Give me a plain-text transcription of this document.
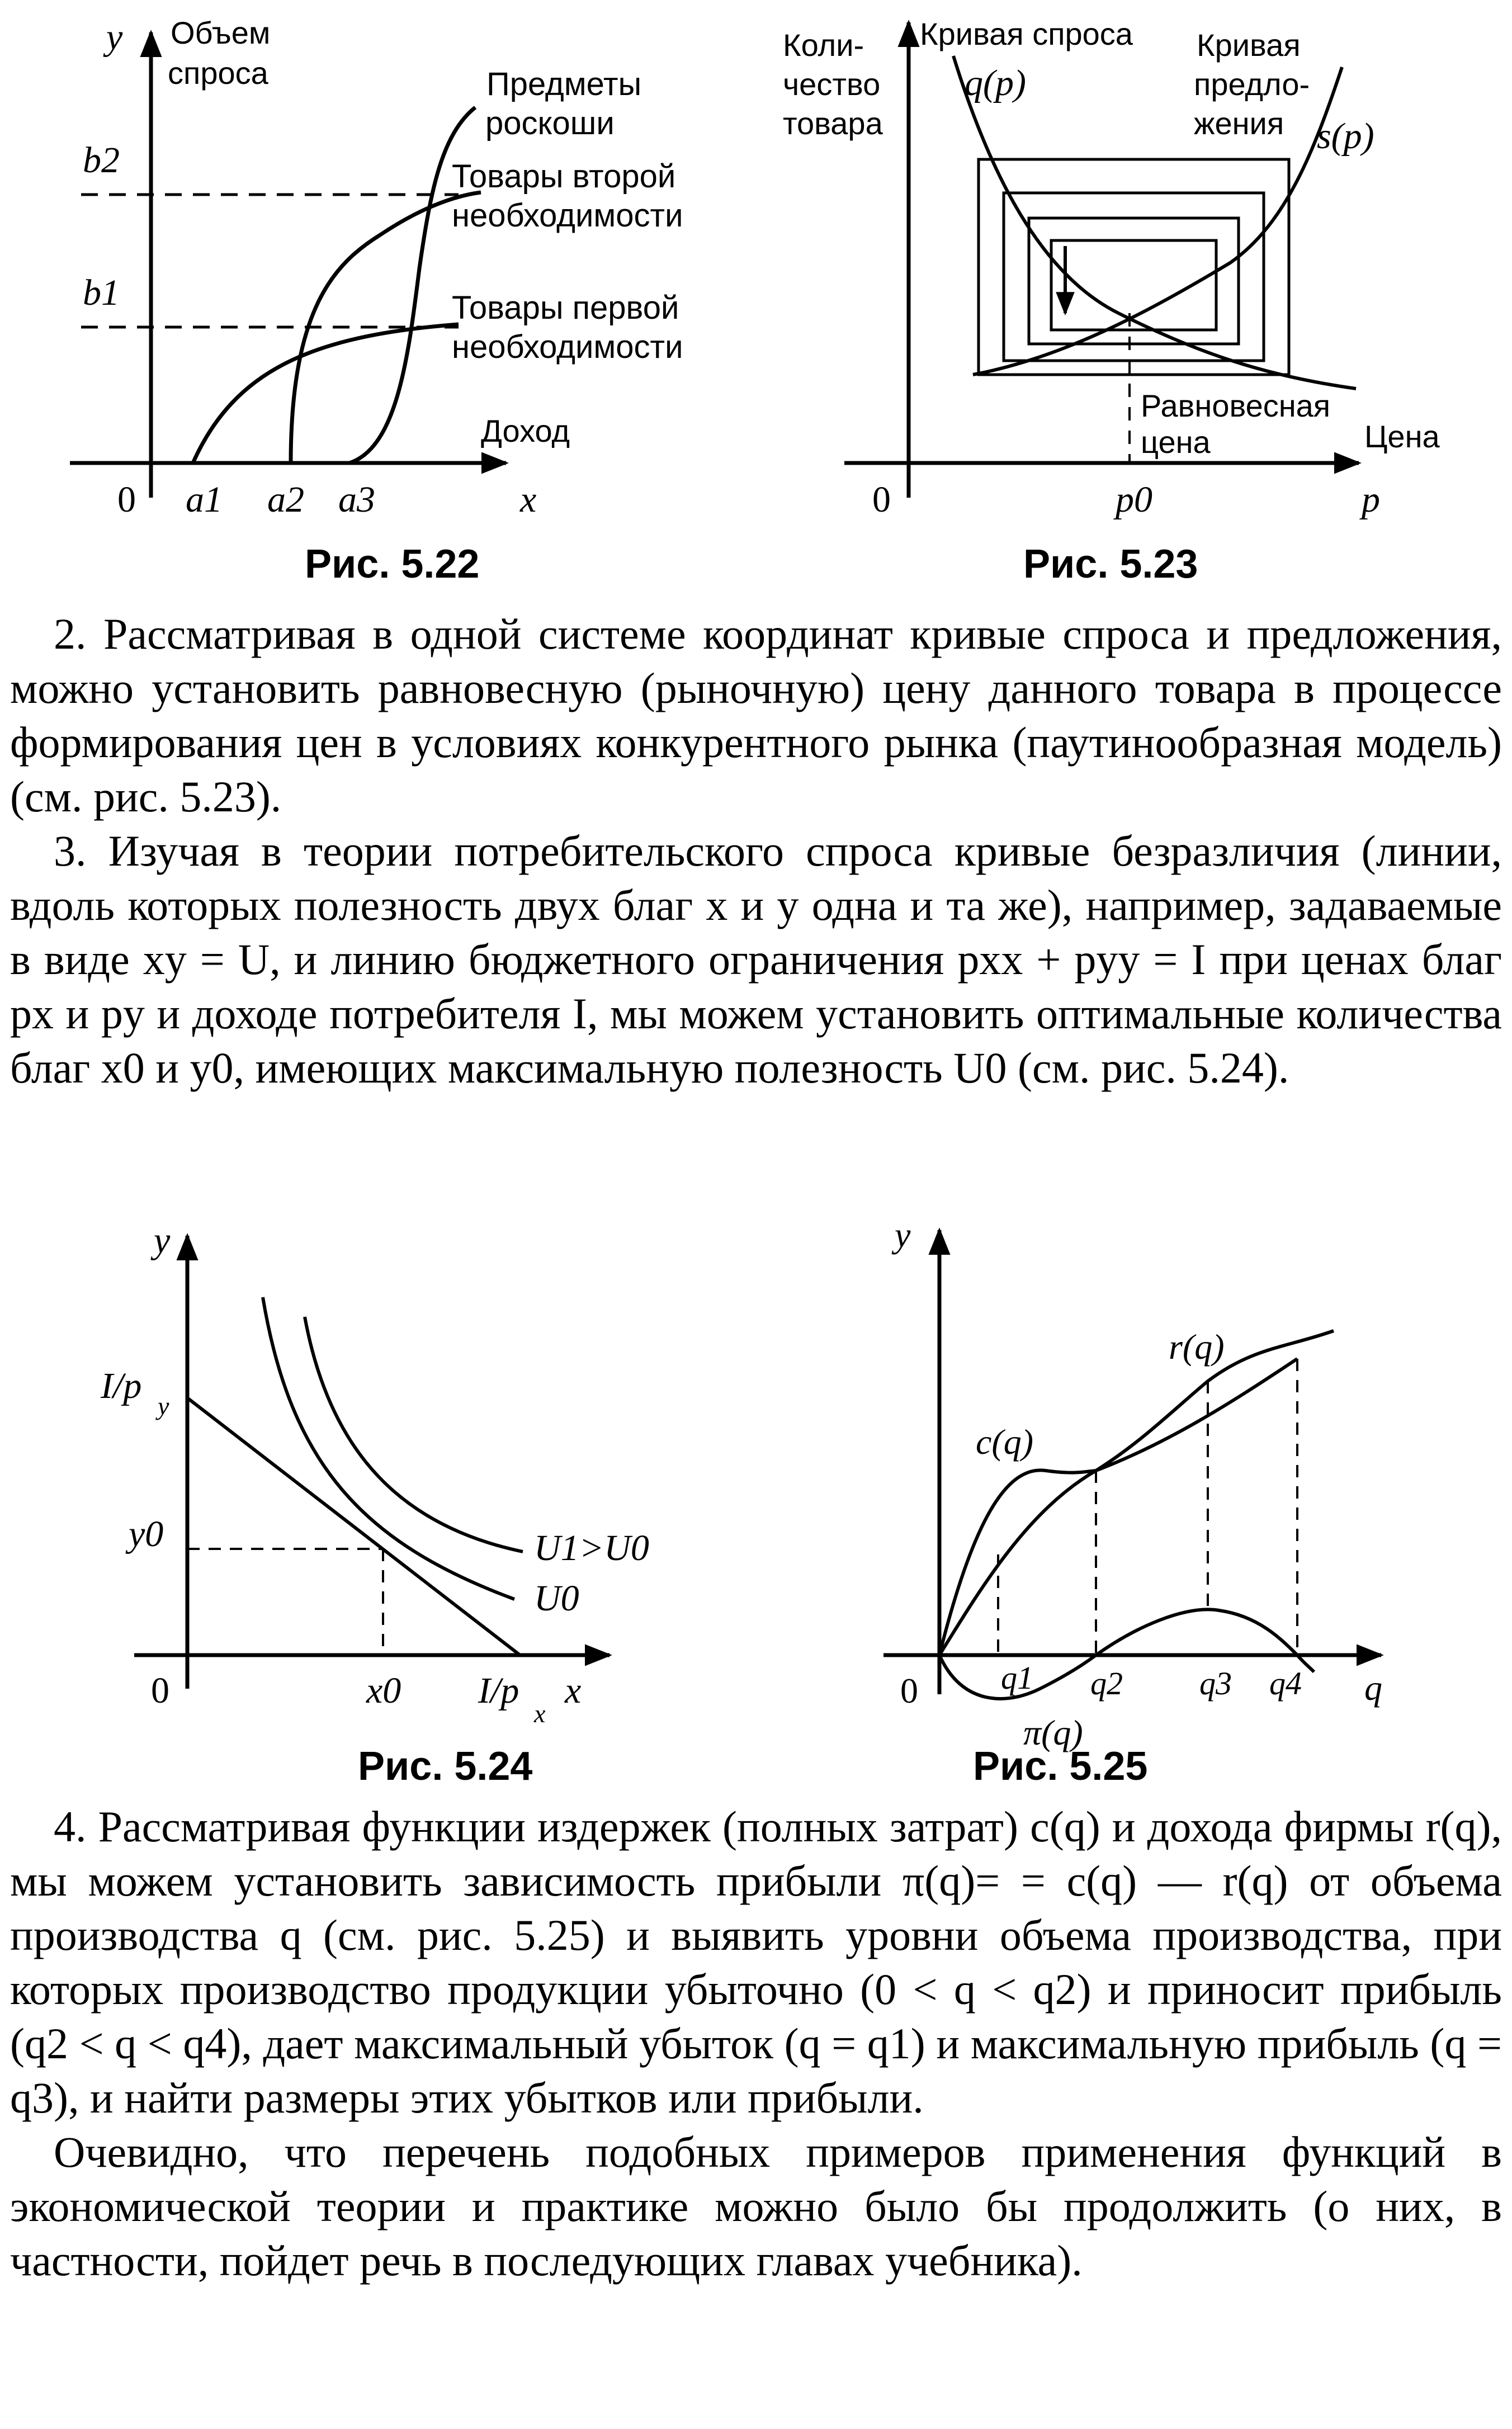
y Объем
спроса
b2
b1
0 a1 a2 a3	x
Доход
Предметы
роскоши
Товары второй
необходимости
Товары первой
необходимости
Коли-
чество
товара
Кривая спроса
q(p)
Кривая
предло-
жения s(p)
Равновесная
цена	Цена
0	p0	p
y
I/p y
y0
0	x0 I/p
x
x
U1>U0
U0
y
c(q)
r(q)
0	q1 q2 q3 q4 q
π(q)
Рис. 5.22	Рис. 5.23
Рис. 5.24	Рис. 5.25

2. Рассматривая в одной системе координат кривые спроса и предложения, можно установить равновесную (рыночную) цену данного товара в процессе формирования цен в условиях конкурентного рынка (паутинообразная модель) (см. рис. 5.23).

3. Изучая в теории потребительского спроса кривые безразличия (линии, вдоль которых полезность двух благ x и y одна и та же), например, задаваемые в виде xy = U, и линию бюджетного ограничения pxx + pyy = I при ценах благ px и py и доходе потребителя I, мы можем установить оптимальные количества благ x0 и y0, имеющих максимальную полезность U0 (см. рис. 5.24).

4. Рассматривая функции издержек (полных затрат) c(q) и дохода фирмы r(q), мы можем установить зависимость прибыли π(q)= = c(q) — r(q) от объема производства q (см. рис. 5.25) и выявить уровни объема производства, при которых производство продукции убыточно (0 < q < q2) и приносит прибыль (q2 < q < q4), дает максимальный убыток (q = q1) и максимальную прибыль (q = q3), и найти размеры этих убытков или прибыли.

Очевидно, что перечень подобных примеров применения функций в экономической теории и практике можно было бы продолжить (о них, в частности, пойдет речь в последующих главах учебника).
